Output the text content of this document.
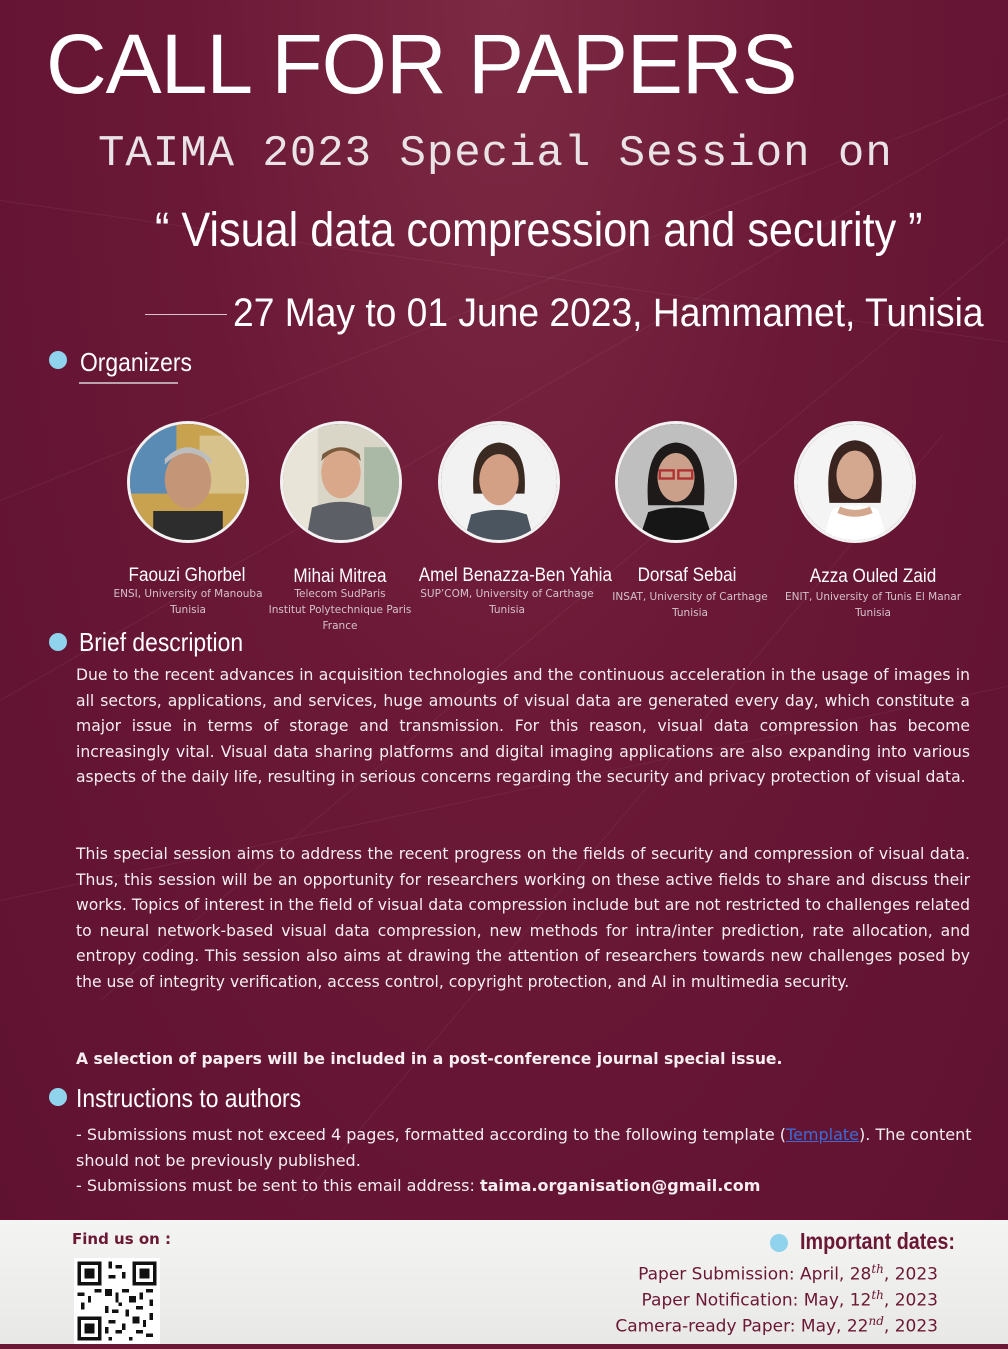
CALL FOR PAPERS
TAIMA 2023 Special Session on
“ Visual data compression and security ”
27 May to 01 June 2023, Hammamet, Tunisia
Organizers
Faouzi Ghorbel
ENSI, University of Manouba
Tunisia
Mihai Mitrea
Telecom SudParis
Institut Polytechnique Paris
France
Amel Benazza-Ben Yahia
SUP’COM, University of Carthage
Tunisia
Dorsaf Sebai
INSAT, University of Carthage
Tunisia
Azza Ouled Zaid
ENIT, University of Tunis El Manar
Tunisia
Brief description

Due to the recent advances in acquisition technologies and the continuous acceleration in the usage of images in all sectors, applications, and services, huge amounts of visual data are generated every day, which constitute a major issue in terms of storage and transmission. For this reason, visual data compression has become increasingly vital. Visual data sharing platforms and digital imaging applications are also expanding into various aspects of the daily life, resulting in serious concerns regarding the security and privacy protection of visual data.

This special session aims to address the recent progress on the fields of security and compression of visual data. Thus, this session will be an opportunity for researchers working on these active fields to share and discuss their works. Topics of interest in the field of visual data compression include but are not restricted to challenges related to neural network-based visual data compression, new methods for intra/inter prediction, rate allocation, and entropy coding. This session also aims at drawing the attention of researchers towards new challenges posed by the use of integrity verification, access control, copyright protection, and AI in multimedia security.

A selection of papers will be included in a post-conference journal special issue.

Instructions to authors

- Submissions must not exceed 4 pages, formatted according to the following template (Template). The content should not be previously published.

- Submissions must be sent to this email address: taima.organisation@gmail.com

Find us on :	Important dates:
Paper Submission: April, 28th, 2023
Paper Notification: May, 12th, 2023
Camera-ready Paper: May, 22nd, 2023
